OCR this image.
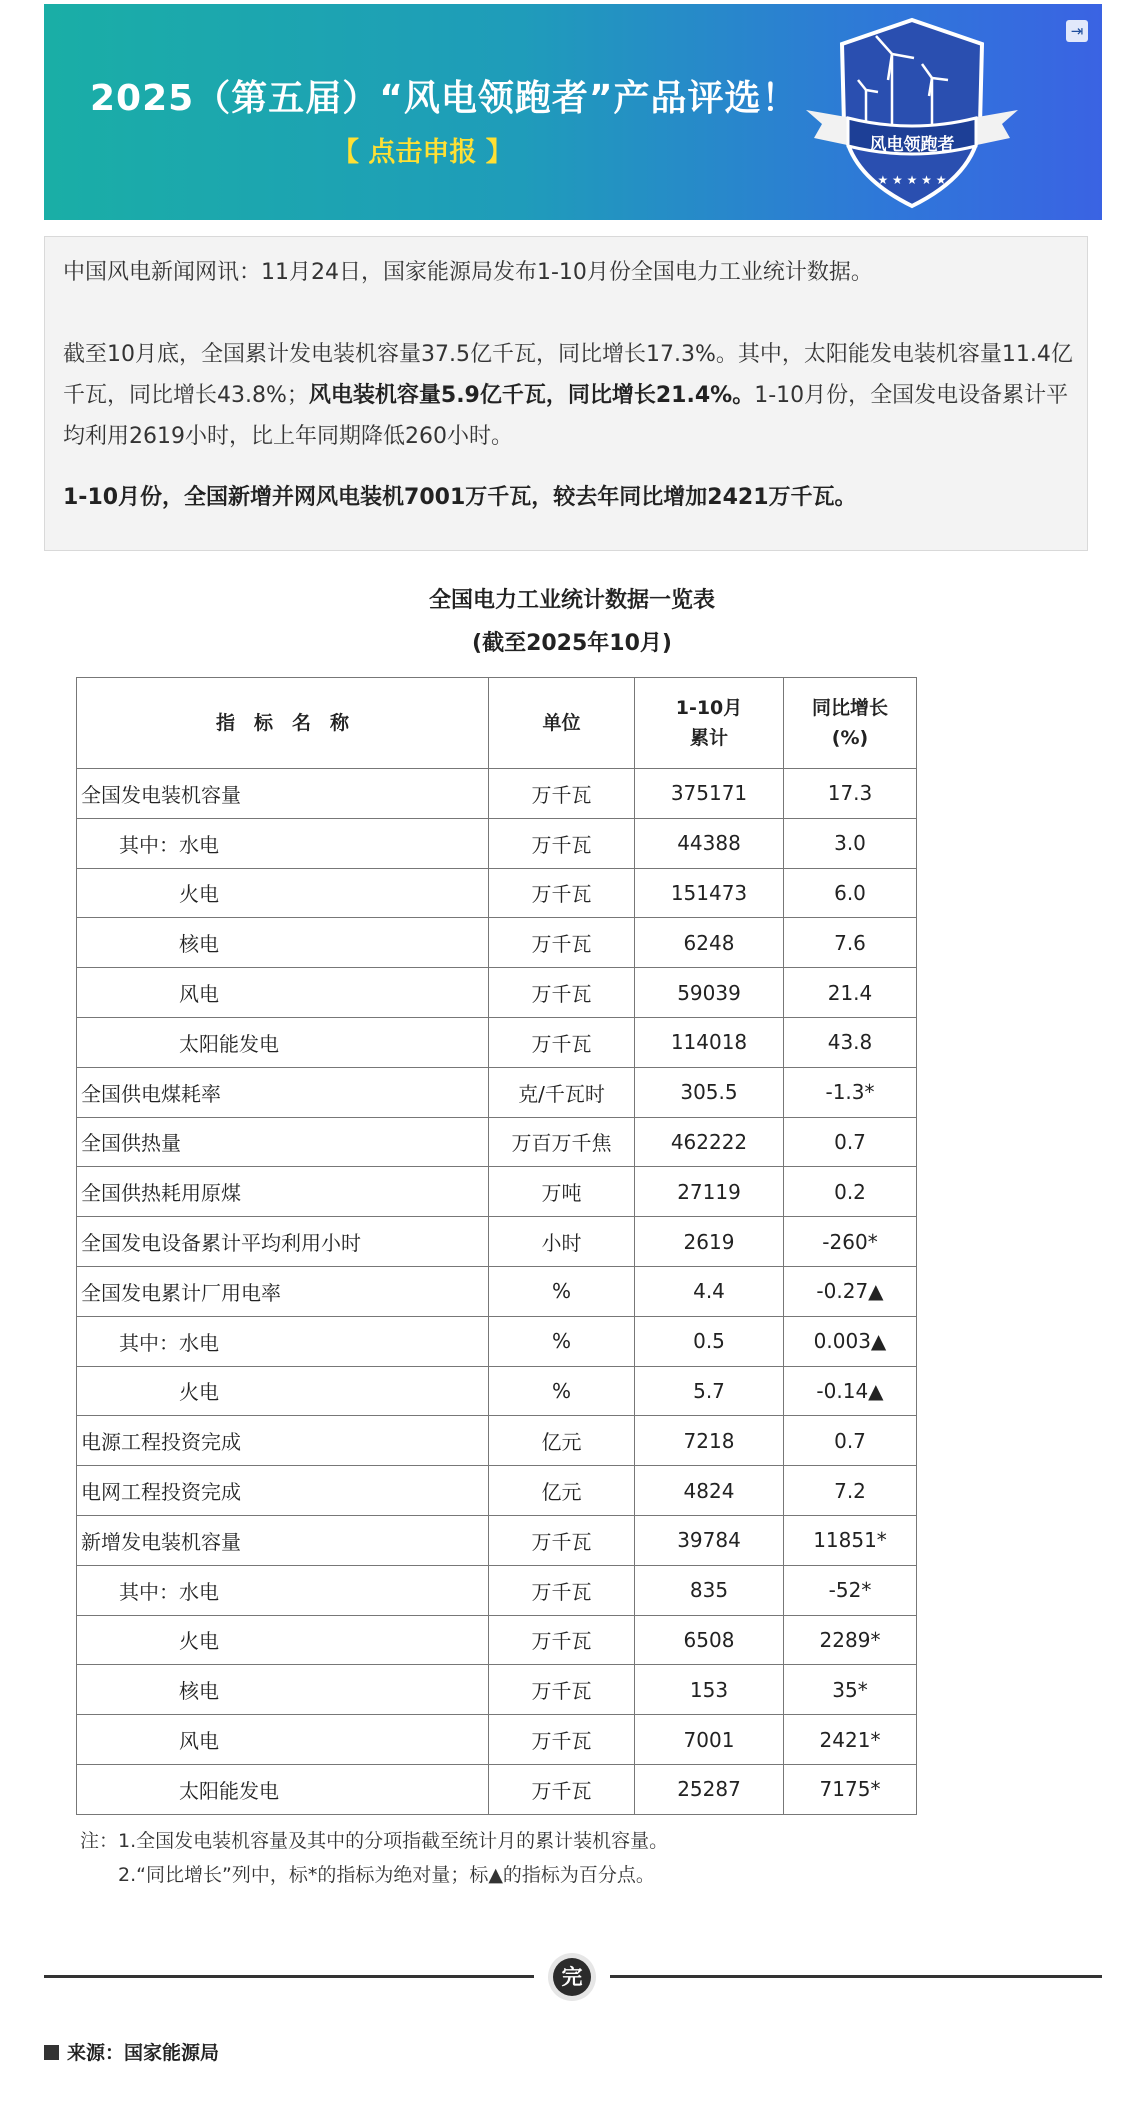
2025（第五届）“风电领跑者”产品评选！
【 点击申报 】
⇥
★ ★ ★ ★ ★
风电领跑者

中国风电新闻网讯：11月24日，国家能源局发布1-10月份全国电力工业统计数据。

截至10月底，全国累计发电装机容量37.5亿千瓦，同比增长17.3%。其中，太阳能发电装机容量11.4亿千瓦，同比增长43.8%；风电装机容量5.9亿千瓦，同比增长21.4%。1-10月份，全国发电设备累计平均利用2619小时，比上年同期降低260小时。

1-10月份，全国新增并网风电装机7001万千瓦，较去年同比增加2421万千瓦。

全国电力工业统计数据一览表
(截至2025年10月)
指　标　名　称	单位	1-10月
累计	同比增长
(%)
全国发电装机容量	万千瓦	375171	17.3
其中：水电	万千瓦	44388	3.0
火电	万千瓦	151473	6.0
核电	万千瓦	6248	7.6
风电	万千瓦	59039	21.4
太阳能发电	万千瓦	114018	43.8
全国供电煤耗率	克/千瓦时	305.5	-1.3*
全国供热量	万百万千焦	462222	0.7
全国供热耗用原煤	万吨	27119	0.2
全国发电设备累计平均利用小时	小时	2619	-260*
全国发电累计厂用电率	%	4.4	-0.27▲
其中：水电	%	0.5	0.003▲
火电	%	5.7	-0.14▲
电源工程投资完成	亿元	7218	0.7
电网工程投资完成	亿元	4824	7.2
新增发电装机容量	万千瓦	39784	11851*
其中：水电	万千瓦	835	-52*
火电	万千瓦	6508	2289*
核电	万千瓦	153	35*
风电	万千瓦	7001	2421*
太阳能发电	万千瓦	25287	7175*
注：1.全国发电装机容量及其中的分项指截至统计月的累计装机容量。
2.“同比增长”列中，标*的指标为绝对量；标▲的指标为百分点。
完
来源：国家能源局
